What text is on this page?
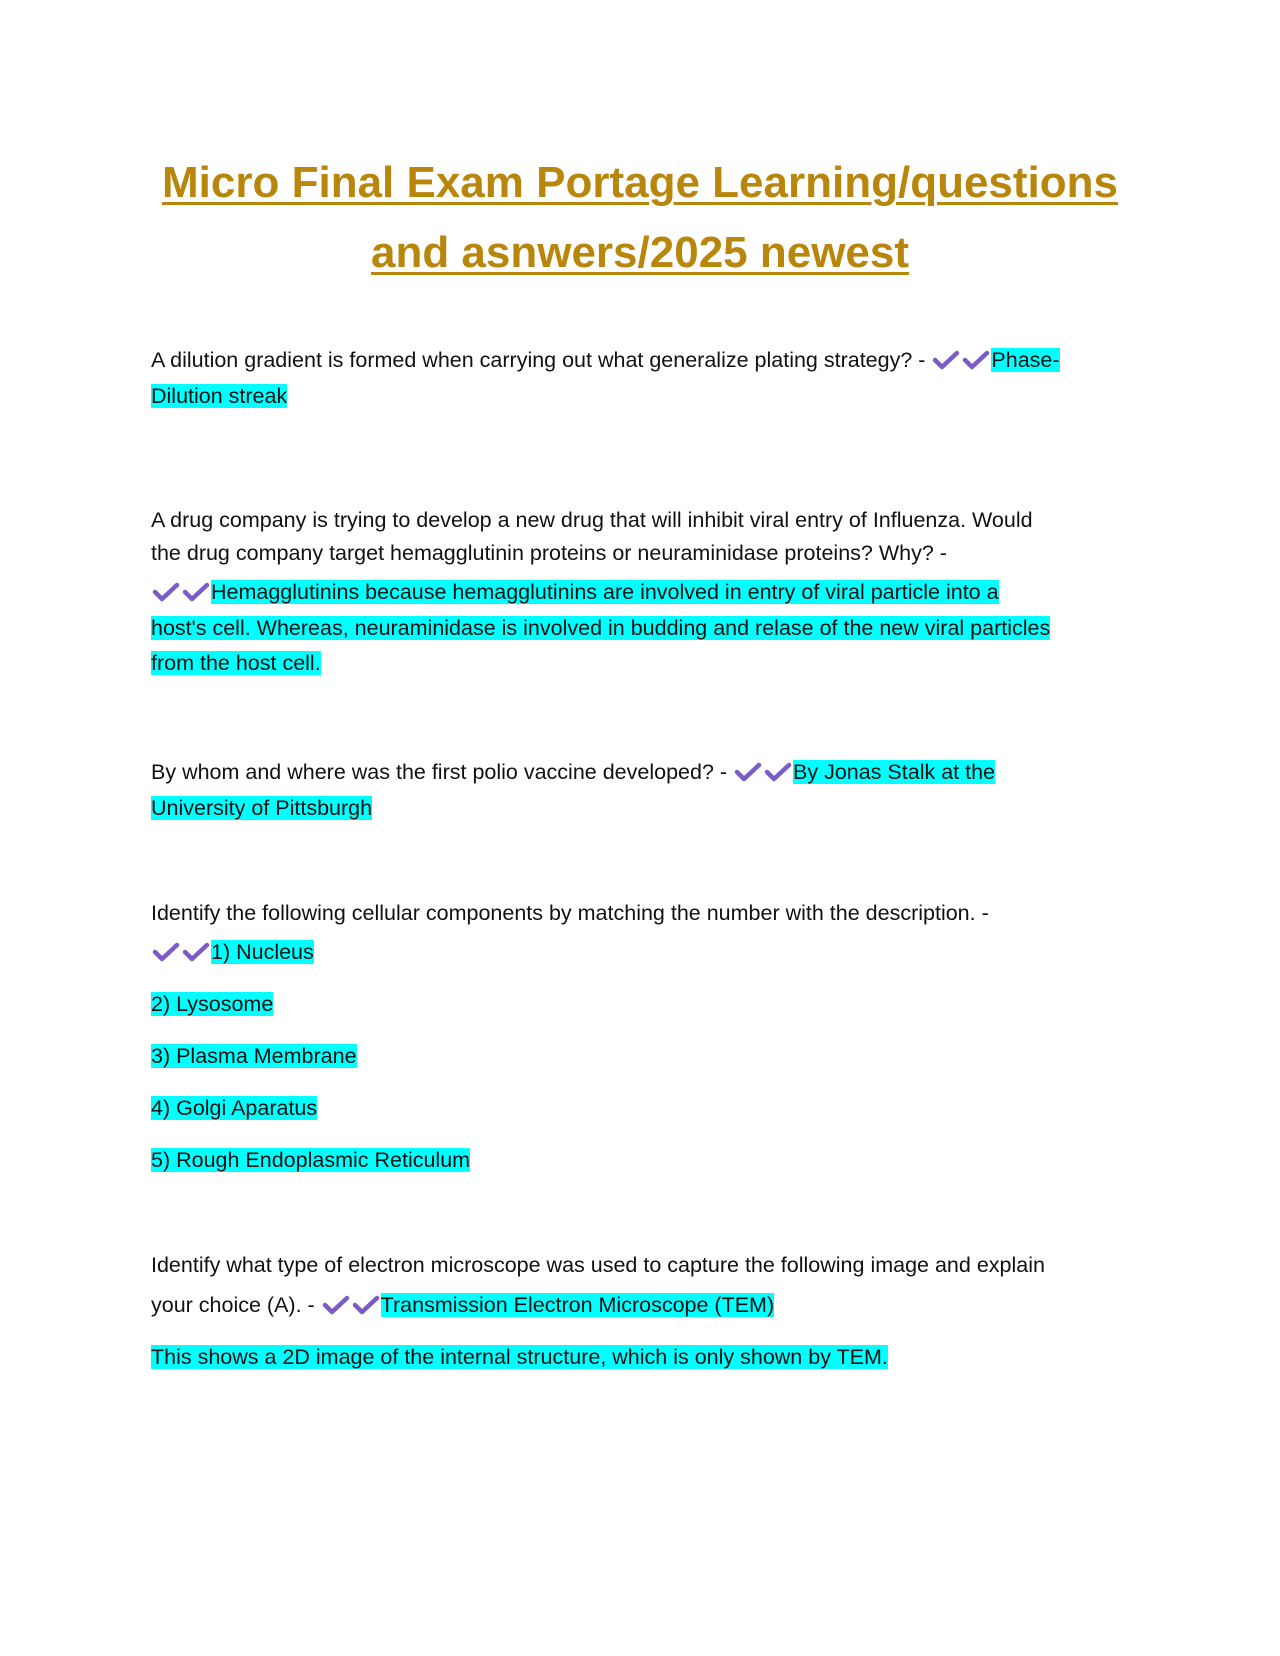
Micro Final Exam Portage Learning/questions
and asnwers/2025 newest
A dilution gradient is formed when carrying out what generalize plating strategy? -	Phase-
Dilution streak
A drug company is trying to develop a new drug that will inhibit viral entry of Influenza. Would
the drug company target hemagglutinin proteins or neuraminidase proteins? Why? -
Hemagglutinins because hemagglutinins are involved in entry of viral particle into a
host's cell. Whereas, neuraminidase is involved in budding and relase of the new viral particles
from the host cell.
By whom and where was the first polio vaccine developed? -	By Jonas Stalk at the
University of Pittsburgh
Identify the following cellular components by matching the number with the description. -
1) Nucleus
2) Lysosome
3) Plasma Membrane
4) Golgi Aparatus
5) Rough Endoplasmic Reticulum
Identify what type of electron microscope was used to capture the following image and explain
your choice (A). -	Transmission Electron Microscope (TEM)
This shows a 2D image of the internal structure, which is only shown by TEM.
